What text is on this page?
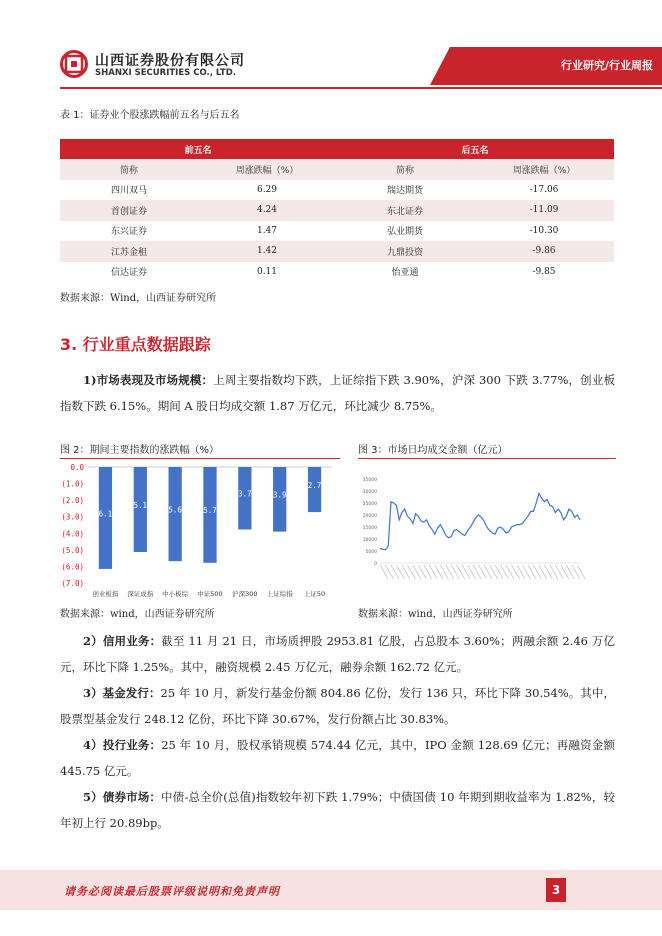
山西证券股份有限公司
SHANXI SECURITIES CO., LTD.
行业研究/行业周报
表 1：证券业个股涨跌幅前五名与后五名
前五名		后五名	
简称	周涨跌幅（%）	简称	周涨跌幅（%）
四川双马	6.29	瑞达期货	-17.06
首创证券	4.24	东北证券	-11.09
东兴证券	1.47	弘业期货	-10.30
江苏金租	1.42	九鼎投资	-9.86
信达证券	0.11	怡亚通	-9.85
数据来源：Wind，山西证券研究所
3. 行业重点数据跟踪
1)市场表现及市场规模：上周主要指数均下跌，上证综指下跌 3.90%，沪深 300 下跌 3.77%，创业板指数下跌 6.15%。期间 A 股日均成交额 1.87 万亿元，环比减少 8.75%。
图 2：期间主要指数的涨跌幅（%）
0.0
(1.0)
(2.0)
(3.0)
(4.0)
(5.0)
(6.0)
(7.0)
-6.15
创业板指
-5.13
深证成指
-5.68
中小板综
-5.78
中证500
-3.77
沪深300
-3.90
上证综指
-2.72
上证50
数据来源：wind，山西证券研究所
图 3：市场日均成交金额（亿元）
35000
30000
25000
20000
15000
10000
5000
0
数据来源：wind，山西证券研究所
2）信用业务：截至 11 月 21 日，市场质押股 2953.81 亿股，占总股本 3.60%；两融余额 2.46 万亿元，环比下降 1.25%。其中，融资规模 2.45 万亿元，融券余额 162.72 亿元。
3）基金发行：25 年 10 月，新发行基金份额 804.86 亿份，发行 136 只，环比下降 30.54%。其中，股票型基金发行 248.12 亿份，环比下降 30.67%，发行份额占比 30.83%。
4）投行业务：25 年 10 月，股权承销规模 574.44 亿元，其中，IPO 金额 128.69 亿元；再融资金额 445.75 亿元。
5）债券市场：中债-总全价(总值)指数较年初下跌 1.79%；中债国债 10 年期到期收益率为 1.82%，较年初上行 20.89bp。
请务必阅读最后股票评级说明和免责声明	3
